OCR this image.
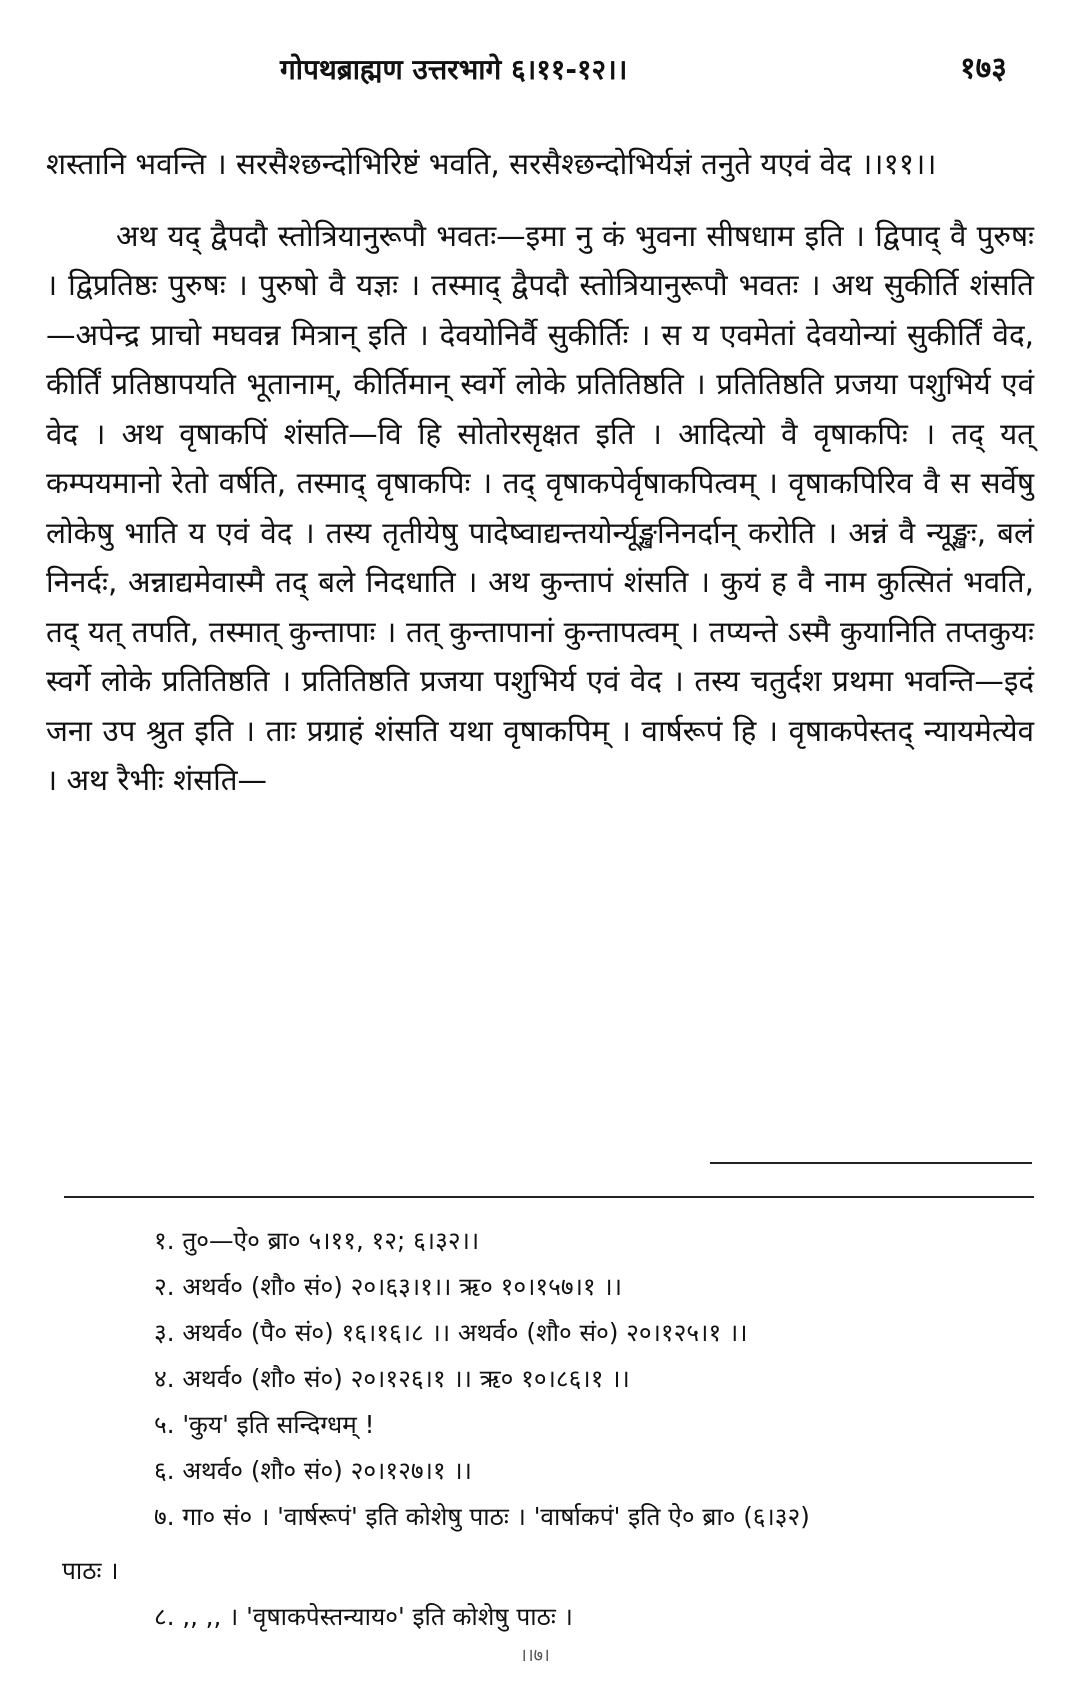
गोपथब्राह्मण उत्तरभागे ६।११-१२।।	१७३

शस्तानि भवन्ति । सरसैश्छन्दोभिरिष्टं भवति, सरसैश्छन्दोभिर्यज्ञं तनुते यएवं वेद ।।११।।

अथ यद् द्वैपदौ स्तोत्रियानुरूपौ भवतः—इमा नु कं भुवना सीषधाम इति । द्विपाद् वै पुरुषः । द्विप्रतिष्ठः पुरुषः । पुरुषो वै यज्ञः । तस्माद् द्वैपदौ स्तोत्रियानुरूपौ भवतः । अथ सुकीर्ति शंसति—अपेन्द्र प्राचो मघवन्न मित्रान् इति । देवयोनिर्वै सुकीर्तिः । स य एवमेतां देवयोन्यां सुकीर्तिं वेद, कीर्तिं प्रतिष्ठापयति भूतानाम्, कीर्तिमान् स्वर्गे लोके प्रतितिष्ठति । प्रतितिष्ठति प्रजया पशुभिर्य एवं वेद । अथ वृषाकपिं शंसति—वि हि सोतोरसृक्षत इति । आदित्यो वै वृषाकपिः । तद् यत् कम्पयमानो रेतो वर्षति, तस्माद् वृषाकपिः । तद् वृषाकपेर्वृषाकपित्वम् । वृषाकपिरिव वै स सर्वेषु लोकेषु भाति य एवं वेद । तस्य तृतीयेषु पादेष्वाद्यन्तयोर्न्यूङ्खनिनर्दान् करोति । अन्नं वै न्यूङ्खः, बलं निनर्दः, अन्नाद्यमेवास्मै तद् बले निदधाति । अथ कुन्तापं शंसति । कुयं ह वै नाम कुत्सितं भवति, तद् यत् तपति, तस्मात् कुन्तापाः । तत् कुन्तापानां कुन्तापत्वम् । तप्यन्ते ऽस्मै कुयानिति तप्तकुयः स्वर्गे लोके प्रतितिष्ठति । प्रतितिष्ठति प्रजया पशुभिर्य एवं वेद । तस्य चतुर्दश प्रथमा भवन्ति—इदं जना उप श्रुत इति । ताः प्रग्राहं शंसति यथा वृषाकपिम् । वार्षरूपं हि । वृषाकपेस्तद् न्यायमेत्येव । अथ रैभीः शंसति—

१. तु०—ऐ० ब्रा० ५।११, १२; ६।३२।।
२. अथर्व० (शौ० सं०) २०।६३।१।। ऋ० १०।१५७।१ ।।
३. अथर्व० (पै० सं०) १६।१६।८ ।। अथर्व० (शौ० सं०) २०।१२५।१ ।।
४. अथर्व० (शौ० सं०) २०।१२६।१ ।। ऋ० १०।८६।१ ।।
५. 'कुय' इति सन्दिग्धम् !
६. अथर्व० (शौ० सं०) २०।१२७।१ ।।
७. गा० सं० । 'वार्षरूपं' इति कोशेषु पाठः । 'वार्षाकपं' इति ऐ० ब्रा० (६।३२)
पाठः ।
८. ,, ,, । 'वृषाकपेस्तन्याय०' इति कोशेषु पाठः ।
।।७।
